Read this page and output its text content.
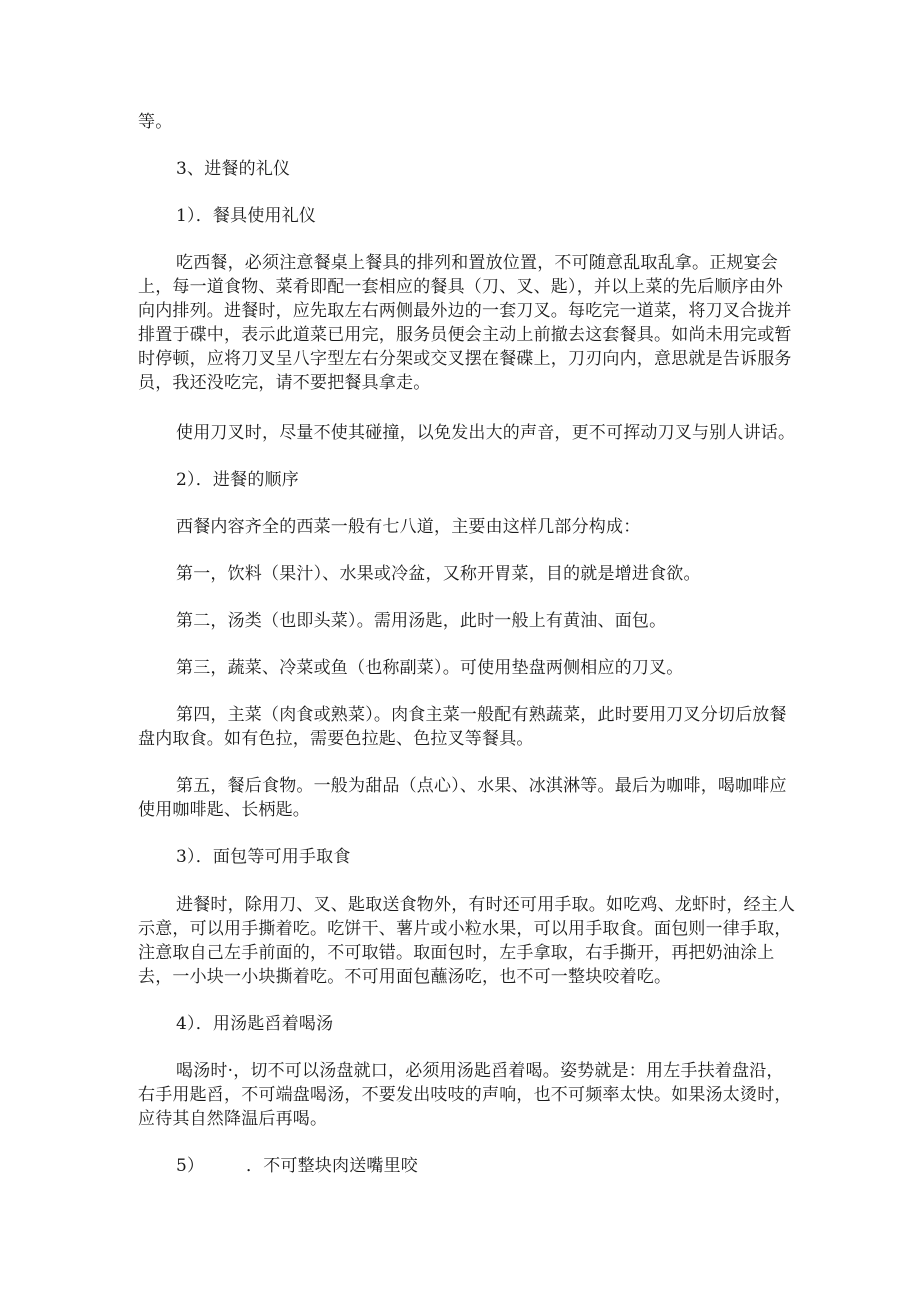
等。
3、进餐的礼仪
1）．餐具使用礼仪

吃西餐，必须注意餐桌上餐具的排列和置放位置，不可随意乱取乱拿。正规宴会上，每一道食物、菜肴即配一套相应的餐具（刀、叉、匙），并以上菜的先后顺序由外向内排列。进餐时，应先取左右两侧最外边的一套刀叉。每吃完一道菜，将刀叉合拢并排置于碟中，表示此道菜已用完，服务员便会主动上前撤去这套餐具。如尚未用完或暂时停顿，应将刀叉呈八字型左右分架或交叉摆在餐碟上，刀刃向内，意思就是告诉服务员，我还没吃完，请不要把餐具拿走。

使用刀叉时，尽量不使其碰撞，以免发出大的声音，更不可挥动刀叉与别人讲话。

2）．进餐的顺序

西餐内容齐全的西菜一般有七八道，主要由这样几部分构成：

第一，饮料（果汁）、水果或冷盆，又称开胃菜，目的就是增进食欲。

第二，汤类（也即头菜）。需用汤匙，此时一般上有黄油、面包。

第三，蔬菜、冷菜或鱼（也称副菜）。可使用垫盘两侧相应的刀叉。

第四，主菜（肉食或熟菜）。肉食主菜一般配有熟蔬菜，此时要用刀叉分切后放餐盘内取食。如有色拉，需要色拉匙、色拉叉等餐具。

第五，餐后食物。一般为甜品（点心）、水果、冰淇淋等。最后为咖啡，喝咖啡应使用咖啡匙、长柄匙。

3）．面包等可用手取食

进餐时，除用刀、叉、匙取送食物外，有时还可用手取。如吃鸡、龙虾时，经主人示意，可以用手撕着吃。吃饼干、薯片或小粒水果，可以用手取食。面包则一律手取，注意取自己左手前面的，不可取错。取面包时，左手拿取，右手撕开，再把奶油涂上去，一小块一小块撕着吃。不可用面包蘸汤吃，也不可一整块咬着吃。

4）．用汤匙舀着喝汤

喝汤时·，切不可以汤盘就口，必须用汤匙舀着喝。姿势就是：用左手扶着盘沿，右手用匙舀，不可端盘喝汤，不要发出吱吱的声响，也不可频率太快。如果汤太烫时，应待其自然降温后再喝。

5） ．不可整块肉送嘴里咬
